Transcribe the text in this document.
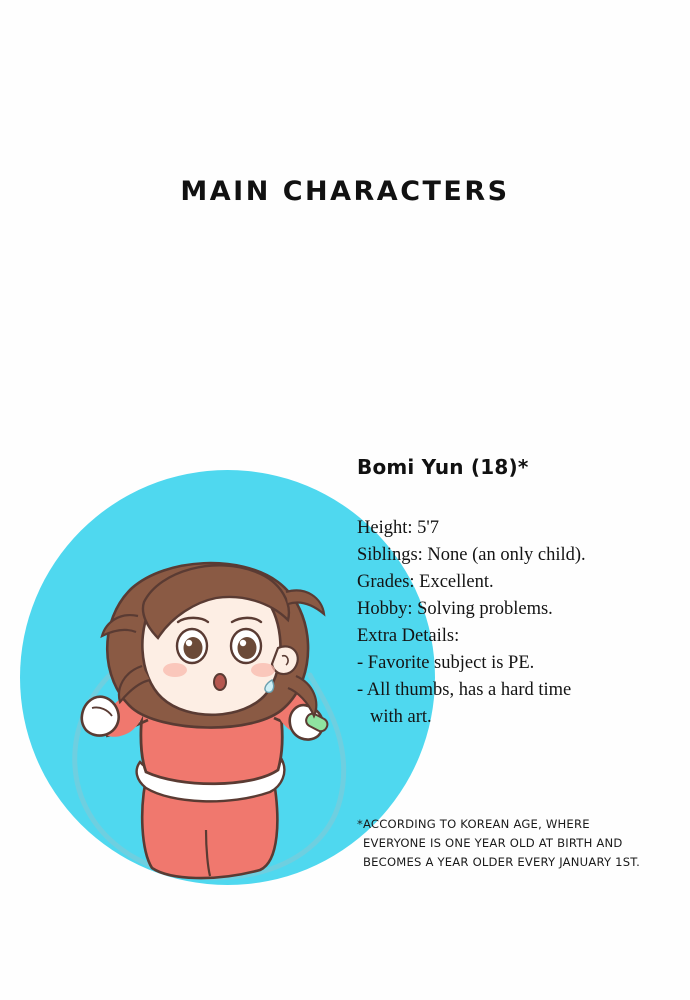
MAIN CHARACTERS
Bomi Yun (18)*
Height: 5'7
Siblings: None (an only child).
Grades: Excellent.
Hobby: Solving problems.
Extra Details:
- Favorite subject is PE.
- All thumbs, has a hard time
with art.
*ACCORDING TO KOREAN AGE, WHERE
EVERYONE IS ONE YEAR OLD AT BIRTH AND
BECOMES A YEAR OLDER EVERY JANUARY 1ST.
